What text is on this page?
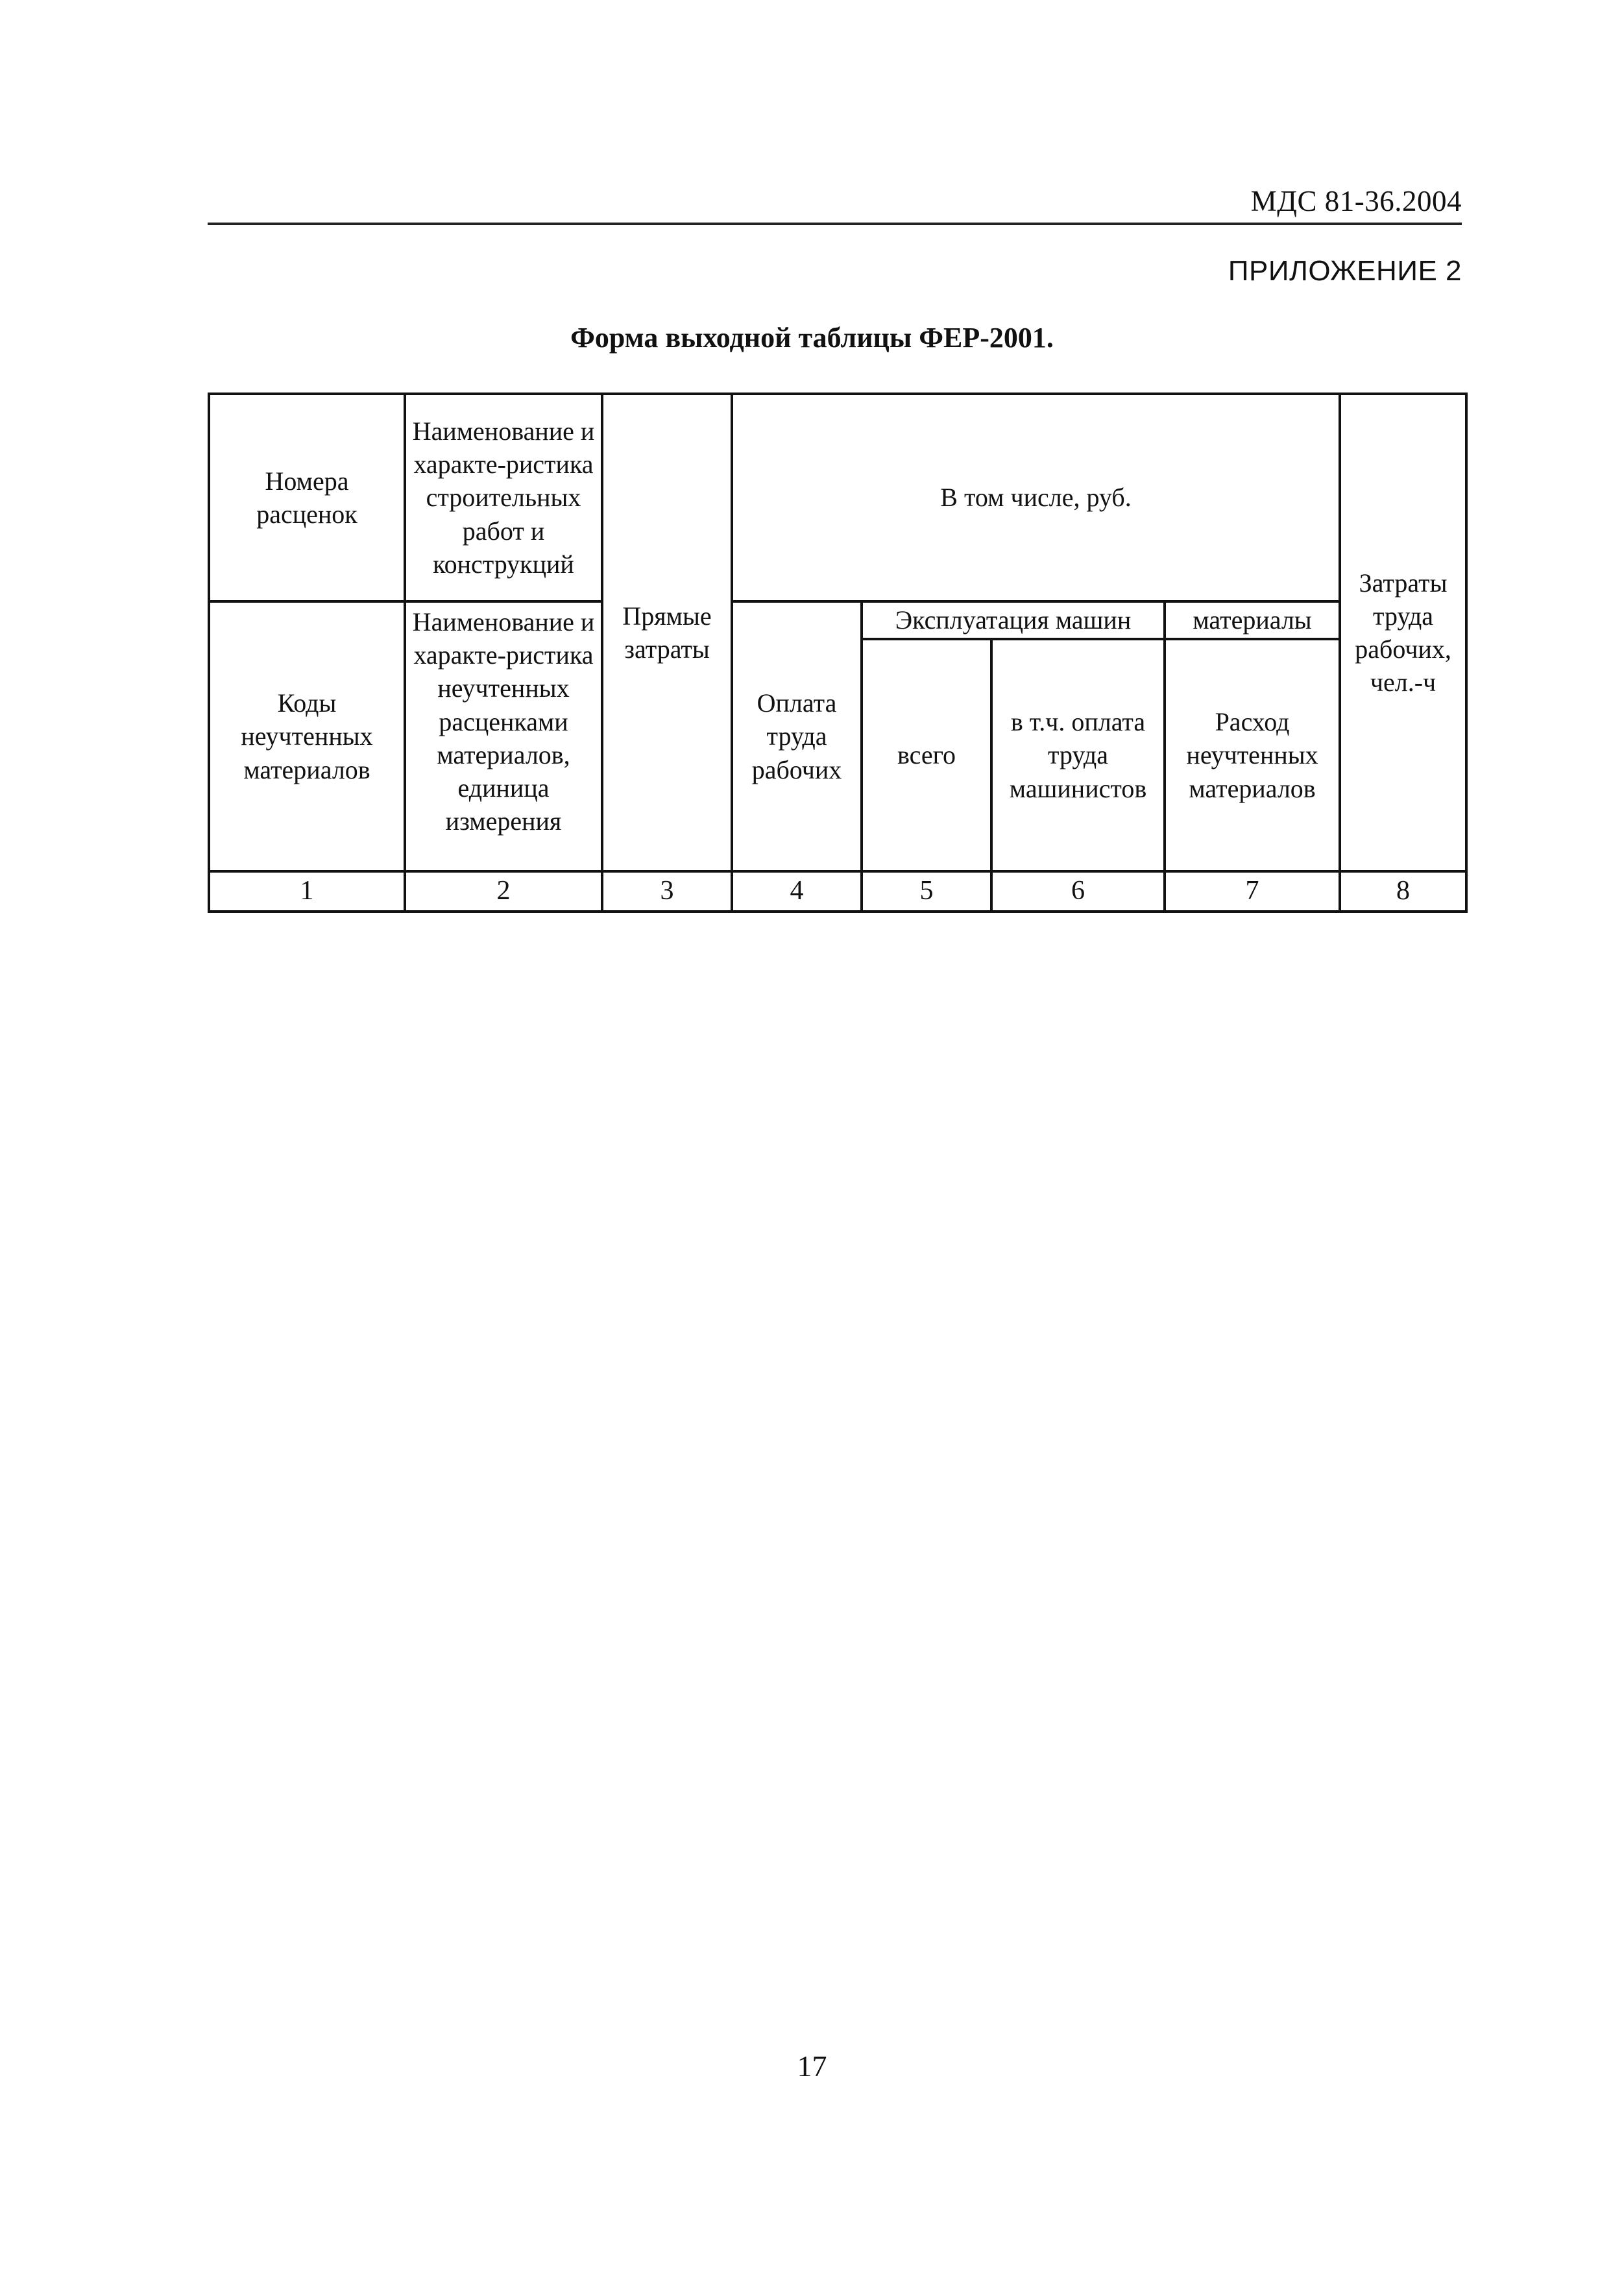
МДС 81-36.2004
ПРИЛОЖЕНИЕ 2
Форма выходной таблицы ФЕР-2001.
Номера расценок	Наименование и характе-ристика строительных работ и конструкций	Прямые затраты	В том числе, руб.				Затраты труда рабочих, чел.-ч
Коды неучтенных материалов	Наименование и характе-ристика неучтенных расценками материалов, единица измерения		Оплата труда рабочих	Эксплуатация машин		материалы	
				всего	в т.ч. оплата труда машинистов	Расход неучтенных материалов	
1	2	3	4	5	6	7	8
17
